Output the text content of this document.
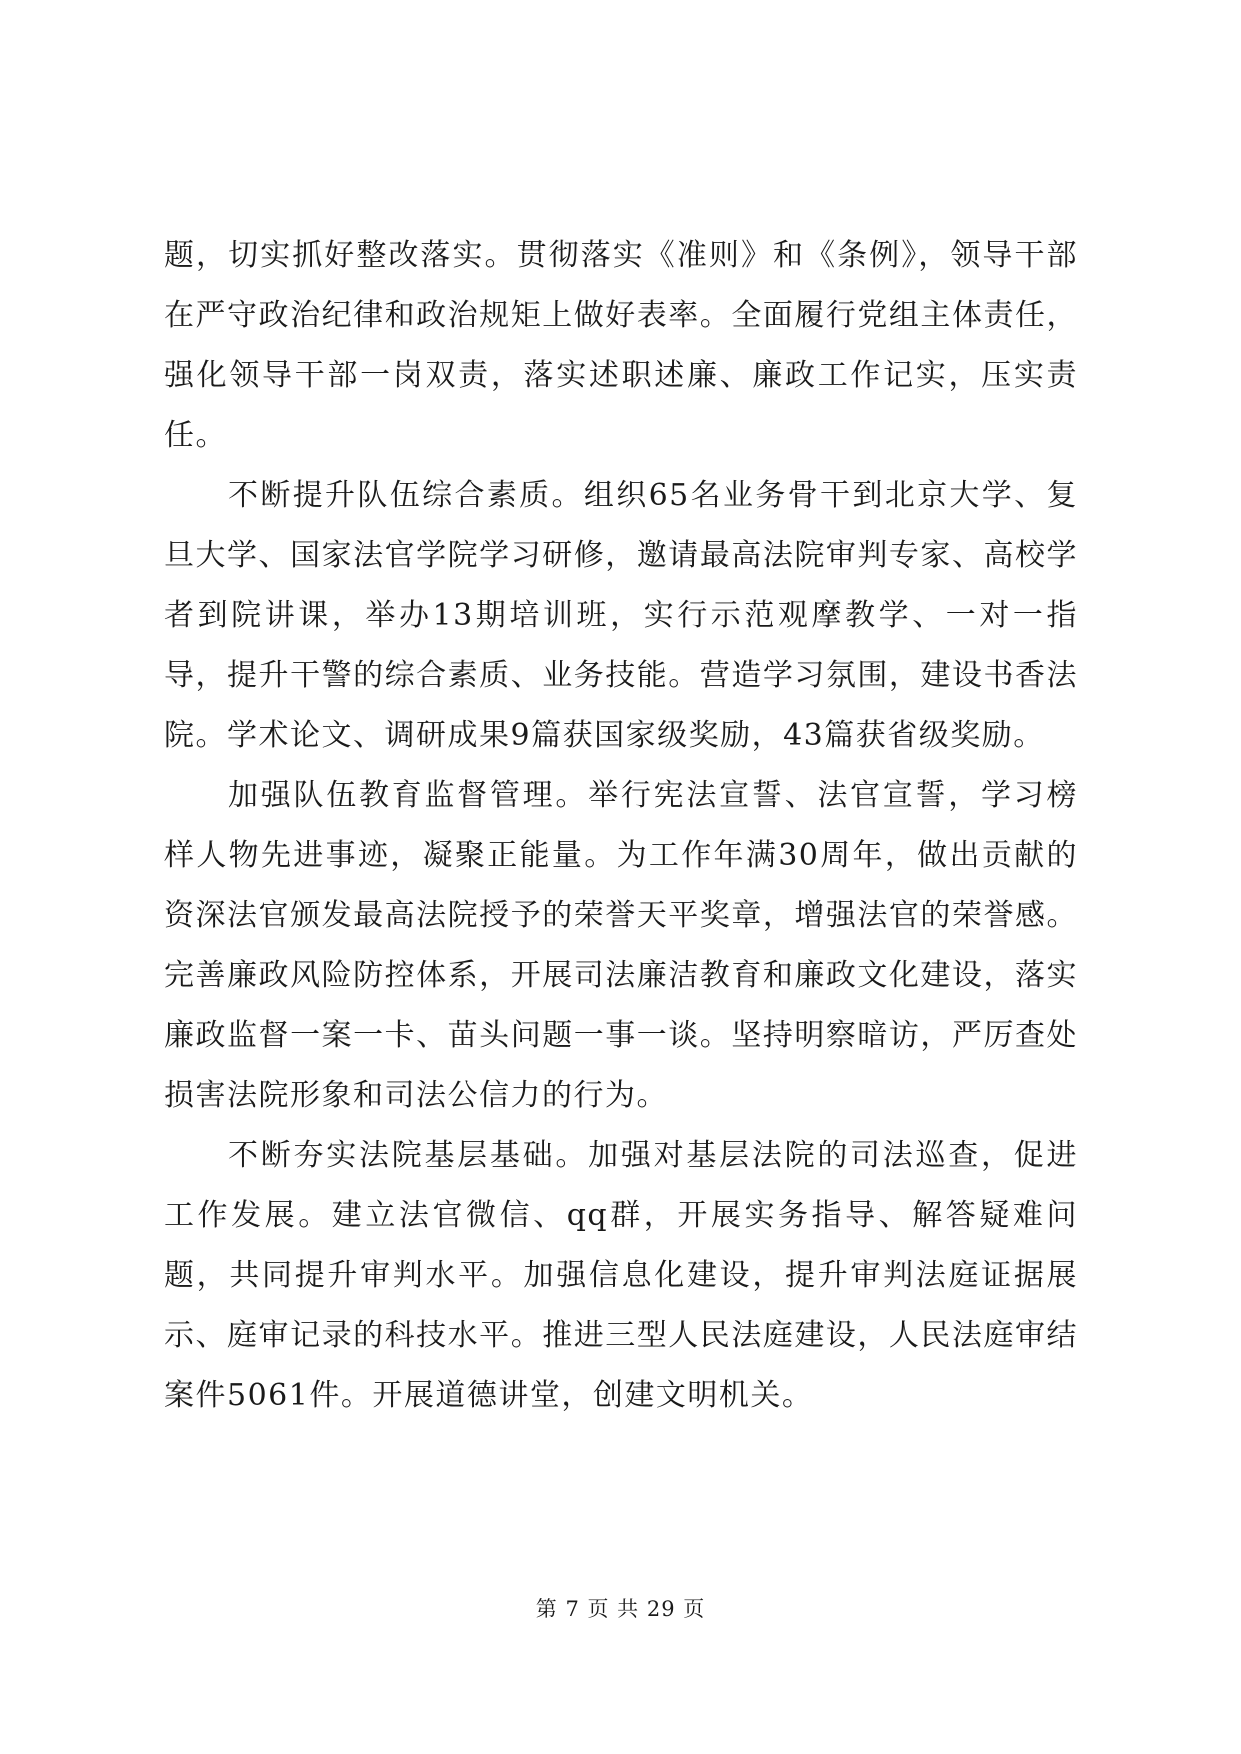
题，切实抓好整改落实。贯彻落实《准则》和《条例》，领导干部在严守政治纪律和政治规矩上做好表率。全面履行党组主体责任，强化领导干部一岗双责，落实述职述廉、廉政工作记实，压实责任。

不断提升队伍综合素质。组织65名业务骨干到北京大学、复旦大学、国家法官学院学习研修，邀请最高法院审判专家、高校学者到院讲课，举办13期培训班，实行示范观摩教学、一对一指导，提升干警的综合素质、业务技能。营造学习氛围，建设书香法院。学术论文、调研成果9篇获国家级奖励，43篇获省级奖励。

加强队伍教育监督管理。举行宪法宣誓、法官宣誓，学习榜样人物先进事迹，凝聚正能量。为工作年满30周年，做出贡献的资深法官颁发最高法院授予的荣誉天平奖章，增强法官的荣誉感。完善廉政风险防控体系，开展司法廉洁教育和廉政文化建设，落实廉政监督一案一卡、苗头问题一事一谈。坚持明察暗访，严厉查处损害法院形象和司法公信力的行为。

不断夯实法院基层基础。加强对基层法院的司法巡查，促进工作发展。建立法官微信、qq群，开展实务指导、解答疑难问题，共同提升审判水平。加强信息化建设，提升审判法庭证据展示、庭审记录的科技水平。推进三型人民法庭建设，人民法庭审结案件5061件。开展道德讲堂，创建文明机关。

第 7 页 共 29 页
